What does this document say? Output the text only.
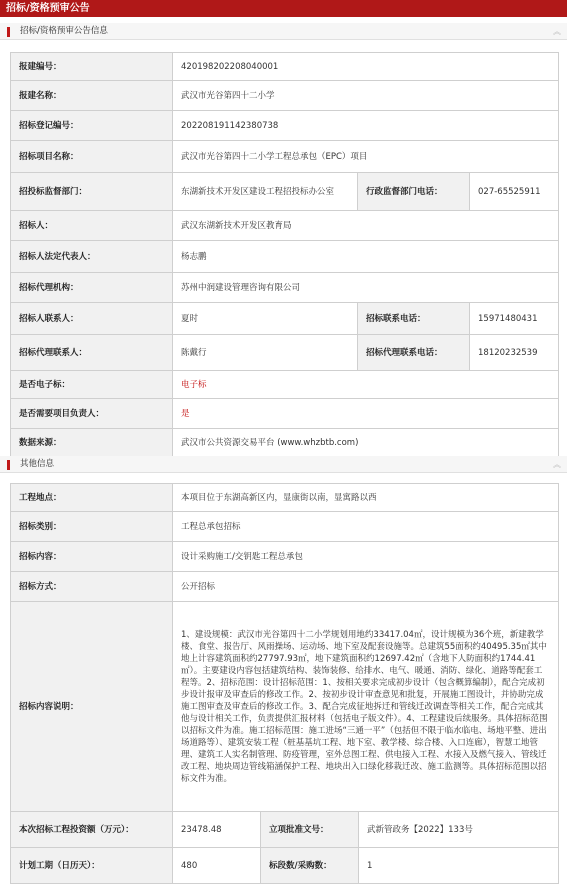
招标/资格预审公告
招标/资格预审公告信息	︽
报建编号：	420198202208040001		
报建名称：	武汉市光谷第四十二小学		
招标登记编号：	202208191142380738		
招标项目名称：	武汉市光谷第四十二小学工程总承包（EPC）项目		
招投标监督部门：	东湖新技术开发区建设工程招投标办公室	行政监督部门电话：	027-65525911
招标人：	武汉东湖新技术开发区教育局		
招标人法定代表人：	杨志鹏		
招标代理机构：	苏州中润建设管理咨询有限公司		
招标人联系人：	夏时	招标联系电话：	15971480431
招标代理联系人：	陈戴行	招标代理联系电话：	18120232539
是否电子标：	电子标		
是否需要项目负责人：	是		
数据来源：	武汉市公共资源交易平台 (www.whzbtb.com)		
其他信息	︽
工程地点：	本项目位于东湖高新区内，显康街以南，显寓路以西		
招标类别：	工程总承包招标		
招标内容：	设计采购施工/交钥匙工程总承包		
招标方式：	公开招标		
招标内容说明：	1、建设规模：武汉市光谷第四十二小学规划用地约33417.04㎡，设计规模为36个班，新建教学楼、食堂、报告厅、风雨操场、运动场、地下室及配套设施等。总建筑55面积约40495.35㎡其中地上计容建筑面积约27797.93㎡，地下建筑面积约12697.42㎡（含地下人防面积约1744.41㎡）。主要建设内容包括建筑结构、装饰装修、给排水、电气、暖通、消防、绿化、道路等配套工程等。2、招标范围：设计招标范围：1、按相关要求完成初步设计（包含概算编制），配合完成初步设计报审及审查后的修改工作。2、按初步设计审查意见和批复，开展施工图设计，并协助完成施工图审查及审查后的修改工作。3、配合完成征地拆迁和管线迁改调查等相关工作，配合完成其他与设计相关工作，负责提供汇报材料（包括电子版文件）。4、工程建设后续服务。具体招标范围以招标文件为准。施工招标范围：施工进场“三通一平”（包括但不限于临水临电、场地平整、进出场道路等）、建筑安装工程（桩基基坑工程、地下室、教学楼、综合楼、入口连廊），智慧工地管理、建筑工人实名制管理、防疫管理，室外总图工程、供电接入工程、水接入及燃气接入、管线迁改工程、地块周边管线箱涵保护工程、地块出入口绿化移栽迁改、施工监测等。具体招标范围以招标文件为准。		
本次招标工程投资额（万元）：	23478.48	立项批准文号：	武新管政务【2022】133号
计划工期（日历天）：	480	标段数/采购数：	1
